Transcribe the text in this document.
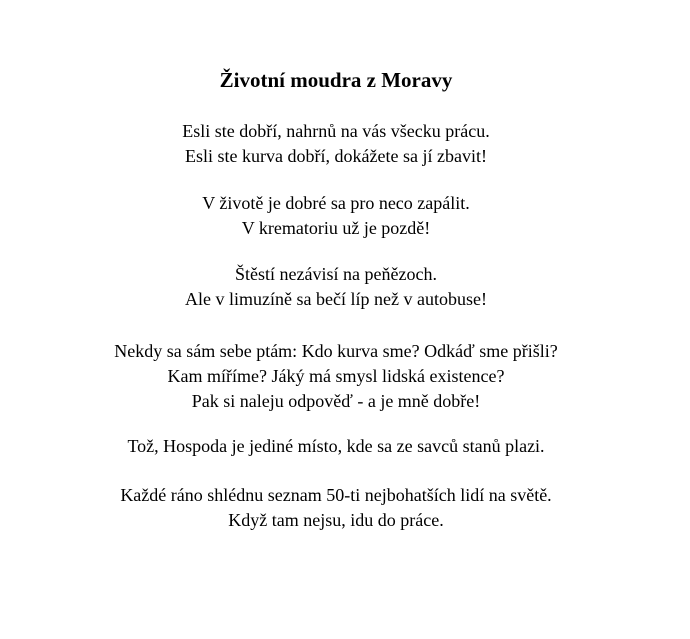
Životní moudra z Moravy

Esli ste dobří, nahrnů na vás všecku prácu.
Esli ste kurva dobří, dokážete sa jí zbavit!

V životě je dobré sa pro neco zapálit.
V krematoriu už je pozdě!

Štěstí nezávisí na peňězoch.
Ale v limuzíně sa bečí líp než v autobuse!

Nekdy sa sám sebe ptám: Kdo kurva sme? Odkáď sme přišli?
Kam míříme? Jáký má smysl lidská existence?
Pak si naleju odpověď - a je mně dobře!

Tož, Hospoda je jediné místo, kde sa ze savců stanů plazi.

Každé ráno shlédnu seznam 50-ti nejbohatších lidí na světě.
Když tam nejsu, idu do práce.
